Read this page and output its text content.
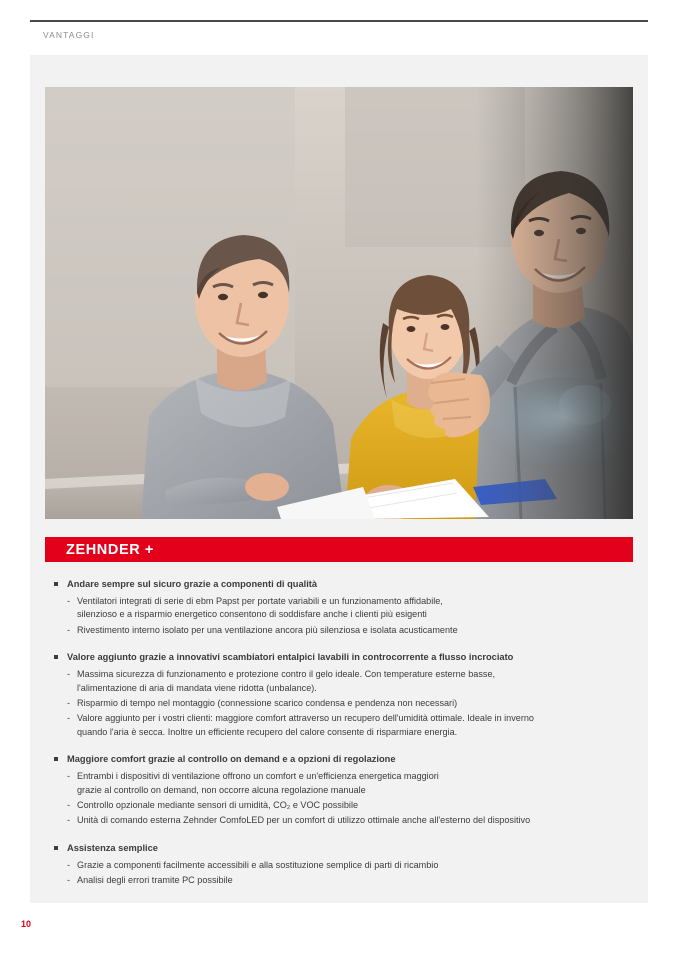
VANTAGGI
ZEHNDER +
Andare sempre sul sicuro grazie a componenti di qualità
- Ventilatori integrati di serie di ebm Papst per portate variabili e un funzionamento affidabile,
silenzioso e a risparmio energetico consentono di soddisfare anche i clienti più esigenti
- Rivestimento interno isolato per una ventilazione ancora più silenziosa e isolata acusticamente
Valore aggiunto grazie a innovativi scambiatori entalpici lavabili in controcorrente a flusso incrociato
- Massima sicurezza di funzionamento e protezione contro il gelo ideale. Con temperature esterne basse,
l'alimentazione di aria di mandata viene ridotta (unbalance).
- Risparmio di tempo nel montaggio (connessione scarico condensa e pendenza non necessari)
- Valore aggiunto per i vostri clienti: maggiore comfort attraverso un recupero dell'umidità ottimale. Ideale in inverno
quando l'aria è secca. Inoltre un efficiente recupero del calore consente di risparmiare energia.
Maggiore comfort grazie al controllo on demand e a opzioni di regolazione
- Entrambi i dispositivi di ventilazione offrono un comfort e un'efficienza energetica maggiori
grazie al controllo on demand, non occorre alcuna regolazione manuale
- Controllo opzionale mediante sensori di umidità, CO₂ e VOC possibile
- Unità di comando esterna Zehnder ComfoLED per un comfort di utilizzo ottimale anche all'esterno del dispositivo
Assistenza semplice
- Grazie a componenti facilmente accessibili e alla sostituzione semplice di parti di ricambio
- Analisi degli errori tramite PC possibile
10
